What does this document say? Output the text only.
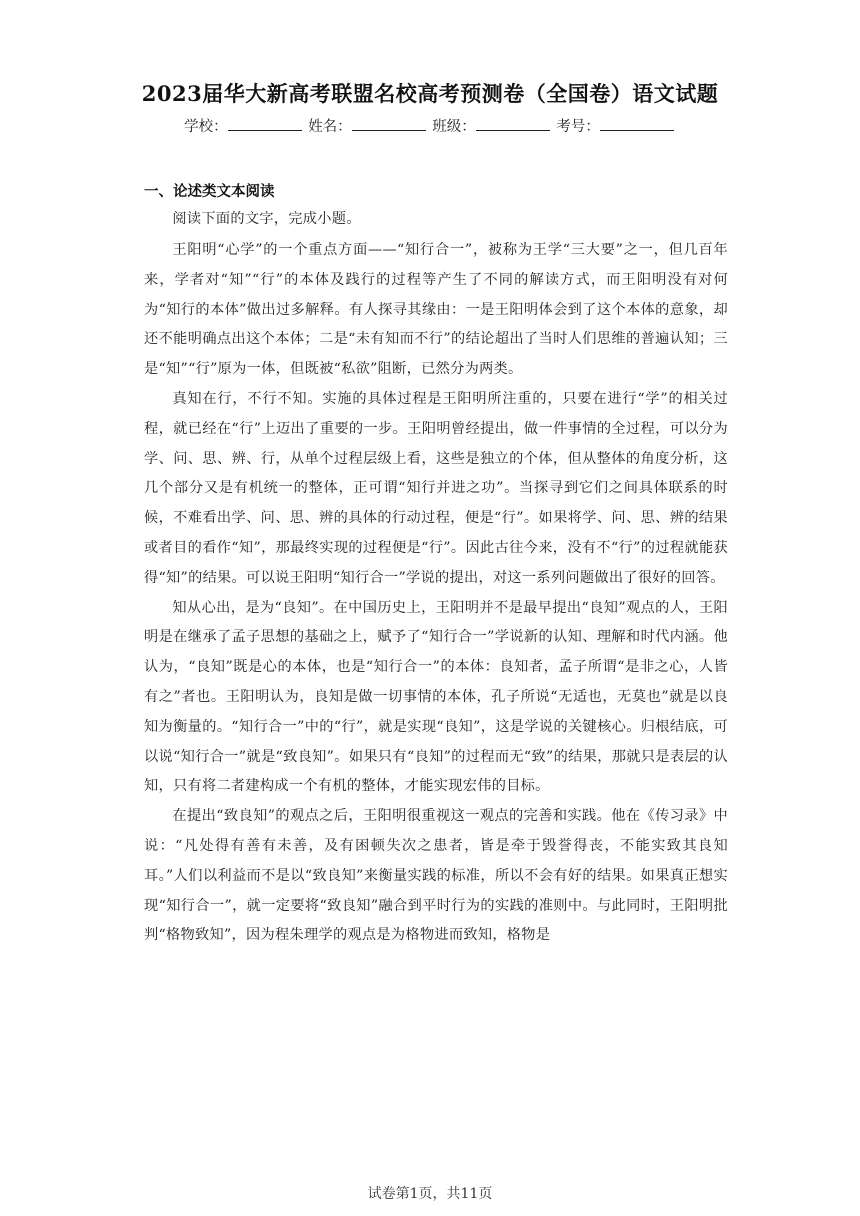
2023届华大新高考联盟名校高考预测卷（全国卷）语文试题
学校：	姓名：	班级：	考号：
一、论述类文本阅读

阅读下面的文字，完成小题。

王阳明“心学”的一个重点方面——“知行合一”，被称为王学“三大要”之一，但几百年来，学者对“知”“行”的本体及践行的过程等产生了不同的解读方式，而王阳明没有对何为“知行的本体”做出过多解释。有人探寻其缘由：一是王阳明体会到了这个本体的意象，却还不能明确点出这个本体；二是“未有知而不行”的结论超出了当时人们思维的普遍认知；三是“知”“行”原为一体，但既被“私欲”阻断，已然分为两类。

真知在行，不行不知。实施的具体过程是王阳明所注重的，只要在进行“学”的相关过程，就已经在“行”上迈出了重要的一步。王阳明曾经提出，做一件事情的全过程，可以分为学、问、思、辨、行，从单个过程层级上看，这些是独立的个体，但从整体的角度分析，这几个部分又是有机统一的整体，正可谓“知行并进之功”。当探寻到它们之间具体联系的时候，不难看出学、问、思、辨的具体的行动过程，便是“行”。如果将学、问、思、辨的结果或者目的看作“知”，那最终实现的过程便是“行”。因此古往今来，没有不“行”的过程就能获得“知”的结果。可以说王阳明“知行合一”学说的提出，对这一系列问题做出了很好的回答。

知从心出，是为“良知”。在中国历史上，王阳明并不是最早提出“良知”观点的人，王阳明是在继承了孟子思想的基础之上，赋予了“知行合一”学说新的认知、理解和时代内涵。他认为，“良知”既是心的本体，也是“知行合一”的本体：良知者，孟子所谓“是非之心，人皆有之”者也。王阳明认为，良知是做一切事情的本体，孔子所说“无适也，无莫也”就是以良知为衡量的。“知行合一”中的“行”，就是实现“良知”，这是学说的关键核心。归根结底，可以说“知行合一”就是“致良知”。如果只有“良知”的过程而无“致”的结果，那就只是表层的认知，只有将二者建构成一个有机的整体，才能实现宏伟的目标。

在提出“致良知”的观点之后，王阳明很重视这一观点的完善和实践。他在《传习录》中说：“凡处得有善有未善，及有困顿失次之患者，皆是牵于毁誉得丧，不能实致其良知耳。”人们以利益而不是以“致良知”来衡量实践的标准，所以不会有好的结果。如果真正想实现“知行合一”，就一定要将“致良知”融合到平时行为的实践的准则中。与此同时，王阳明批判“格物致知”，因为程朱理学的观点是为格物进而致知，格物是

试卷第1页，共11页
